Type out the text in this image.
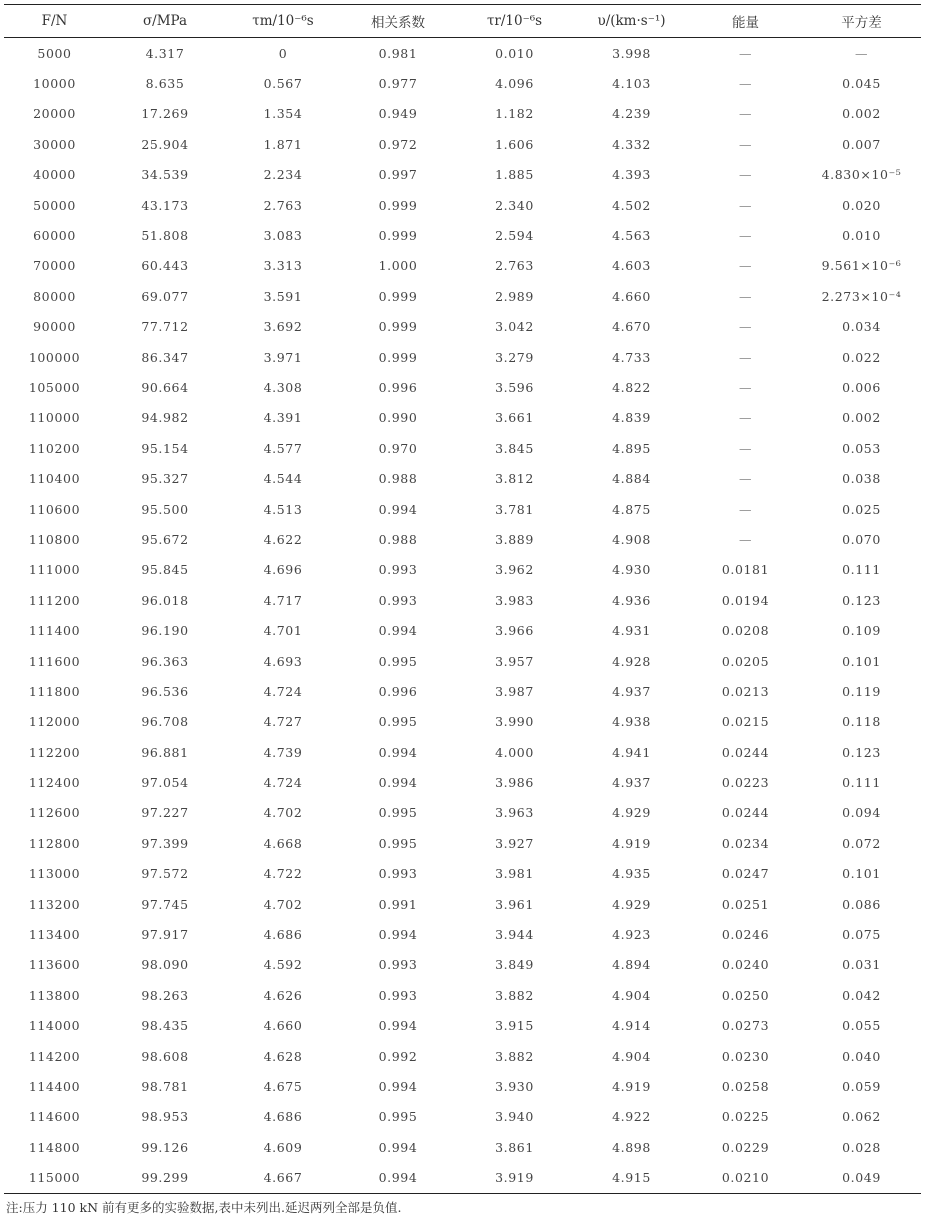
F/N	σ/MPa	τm/10⁻⁶s	相关系数	τr/10⁻⁶s	υ/(km·s⁻¹)	能量	平方差
5000	4.317	0	0.981	0.010	3.998	—	—
10000	8.635	0.567	0.977	4.096	4.103	—	0.045
20000	17.269	1.354	0.949	1.182	4.239	—	0.002
30000	25.904	1.871	0.972	1.606	4.332	—	0.007
40000	34.539	2.234	0.997	1.885	4.393	—	4.830×10⁻⁵
50000	43.173	2.763	0.999	2.340	4.502	—	0.020
60000	51.808	3.083	0.999	2.594	4.563	—	0.010
70000	60.443	3.313	1.000	2.763	4.603	—	9.561×10⁻⁶
80000	69.077	3.591	0.999	2.989	4.660	—	2.273×10⁻⁴
90000	77.712	3.692	0.999	3.042	4.670	—	0.034
100000	86.347	3.971	0.999	3.279	4.733	—	0.022
105000	90.664	4.308	0.996	3.596	4.822	—	0.006
110000	94.982	4.391	0.990	3.661	4.839	—	0.002
110200	95.154	4.577	0.970	3.845	4.895	—	0.053
110400	95.327	4.544	0.988	3.812	4.884	—	0.038
110600	95.500	4.513	0.994	3.781	4.875	—	0.025
110800	95.672	4.622	0.988	3.889	4.908	—	0.070
111000	95.845	4.696	0.993	3.962	4.930	0.0181	0.111
111200	96.018	4.717	0.993	3.983	4.936	0.0194	0.123
111400	96.190	4.701	0.994	3.966	4.931	0.0208	0.109
111600	96.363	4.693	0.995	3.957	4.928	0.0205	0.101
111800	96.536	4.724	0.996	3.987	4.937	0.0213	0.119
112000	96.708	4.727	0.995	3.990	4.938	0.0215	0.118
112200	96.881	4.739	0.994	4.000	4.941	0.0244	0.123
112400	97.054	4.724	0.994	3.986	4.937	0.0223	0.111
112600	97.227	4.702	0.995	3.963	4.929	0.0244	0.094
112800	97.399	4.668	0.995	3.927	4.919	0.0234	0.072
113000	97.572	4.722	0.993	3.981	4.935	0.0247	0.101
113200	97.745	4.702	0.991	3.961	4.929	0.0251	0.086
113400	97.917	4.686	0.994	3.944	4.923	0.0246	0.075
113600	98.090	4.592	0.993	3.849	4.894	0.0240	0.031
113800	98.263	4.626	0.993	3.882	4.904	0.0250	0.042
114000	98.435	4.660	0.994	3.915	4.914	0.0273	0.055
114200	98.608	4.628	0.992	3.882	4.904	0.0230	0.040
114400	98.781	4.675	0.994	3.930	4.919	0.0258	0.059
114600	98.953	4.686	0.995	3.940	4.922	0.0225	0.062
114800	99.126	4.609	0.994	3.861	4.898	0.0229	0.028
115000	99.299	4.667	0.994	3.919	4.915	0.0210	0.049
注:压力 110 kN 前有更多的实验数据,表中未列出.延迟两列全部是负值.
